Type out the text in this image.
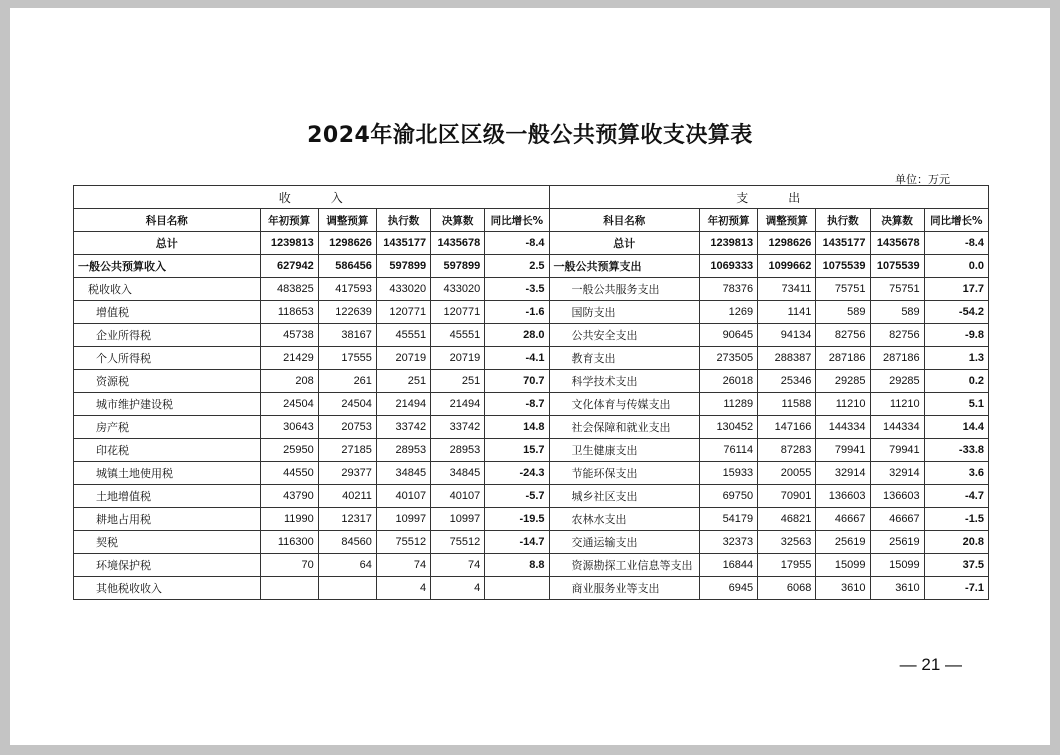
2024年渝北区区级一般公共预算收支决算表
单位：万元
收　　　入						支　　　出					
科目名称	年初预算	调整预算	执行数	决算数	同比增长%	科目名称	年初预算	调整预算	执行数	决算数	同比增长%
总计	1239813	1298626	1435177	1435678	-8.4	总计	1239813	1298626	1435177	1435678	-8.4
一般公共预算收入	627942	586456	597899	597899	2.5	一般公共预算支出	1069333	1099662	1075539	1075539	0.0
税收收入	483825	417593	433020	433020	-3.5	一般公共服务支出	78376	73411	75751	75751	17.7
增值税	118653	122639	120771	120771	-1.6	国防支出	1269	1141	589	589	-54.2
企业所得税	45738	38167	45551	45551	28.0	公共安全支出	90645	94134	82756	82756	-9.8
个人所得税	21429	17555	20719	20719	-4.1	教育支出	273505	288387	287186	287186	1.3
资源税	208	261	251	251	70.7	科学技术支出	26018	25346	29285	29285	0.2
城市维护建设税	24504	24504	21494	21494	-8.7	文化体育与传媒支出	11289	11588	11210	11210	5.1
房产税	30643	20753	33742	33742	14.8	社会保障和就业支出	130452	147166	144334	144334	14.4
印花税	25950	27185	28953	28953	15.7	卫生健康支出	76114	87283	79941	79941	-33.8
城镇土地使用税	44550	29377	34845	34845	-24.3	节能环保支出	15933	20055	32914	32914	3.6
土地增值税	43790	40211	40107	40107	-5.7	城乡社区支出	69750	70901	136603	136603	-4.7
耕地占用税	11990	12317	10997	10997	-19.5	农林水支出	54179	46821	46667	46667	-1.5
契税	116300	84560	75512	75512	-14.7	交通运输支出	32373	32563	25619	25619	20.8
环境保护税	70	64	74	74	8.8	资源勘探工业信息等支出	16844	17955	15099	15099	37.5
其他税收收入			4	4		商业服务业等支出	6945	6068	3610	3610	-7.1
— 21 —
